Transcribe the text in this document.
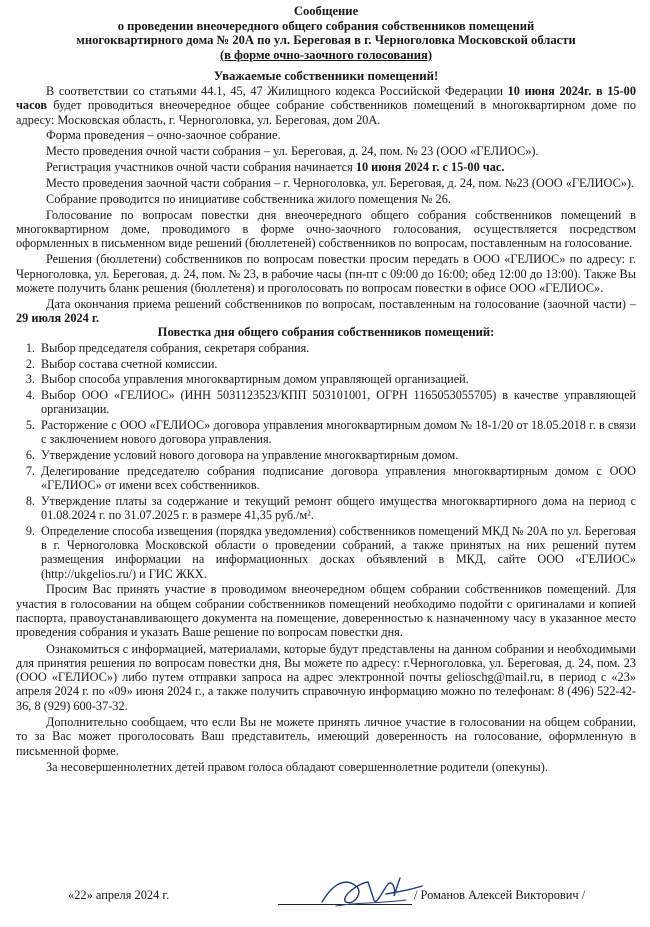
Сообщение
о проведении внеочередного общего собрания собственников помещений
многоквартирного дома № 20А по ул. Береговая в г. Черноголовка Московской области
(в форме очно-заочного голосования)
Уважаемые собственники помещений!

В соответствии со статьями 44.1, 45, 47 Жилищного кодекса Российской Федерации 10 июня 2024г. в 15-00 часов будет проводиться внеочередное общее собрание собственников помещений в многоквартирном доме по адресу: Московская область, г. Черноголовка, ул. Береговая, дом 20А.

Форма проведения – очно-заочное собрание.

Место проведения очной части собрания – ул. Береговая, д. 24, пом. № 23 (ООО «ГЕЛИОС»).

Регистрация участников очной части собрания начинается 10 июня 2024 г. с 15-00 час.

Место проведения заочной части собрания – г. Черноголовка, ул. Береговая, д. 24, пом. №23 (ООО «ГЕЛИОС»).

Собрание проводится по инициативе собственника жилого помещения № 26.

Голосование по вопросам повестки дня внеочередного общего собрания собственников помещений в многоквартирном доме, проводимого в форме очно-заочного голосования, осуществляется посредством оформленных в письменном виде решений (бюллетеней) собственников по вопросам, поставленным на голосование.

Решения (бюллетени) собственников по вопросам повестки просим передать в ООО «ГЕЛИОС» по адресу: г. Черноголовка, ул. Береговая, д. 24, пом. № 23, в рабочие часы (пн-пт с 09:00 до 16:00; обед 12:00 до 13:00). Также Вы можете получить бланк решения (бюллетеня) и проголосовать по вопросам повестки в офисе ООО «ГЕЛИОС».

Дата окончания приема решений собственников по вопросам, поставленным на голосование (заочной части) – 29 июля 2024 г.

Повестка дня общего собрания собственников помещений:
1. Выбор председателя собрания, секретаря собрания.
2. Выбор состава счетной комиссии.
3. Выбор способа управления многоквартирным домом управляющей организацией.
4. Выбор ООО «ГЕЛИОС» (ИНН 5031123523/КПП 503101001, ОГРН 1165053055705) в качестве управляющей организации.
5. Расторжение с ООО «ГЕЛИОС» договора управления многоквартирным домом № 18-1/20 от 18.05.2018 г. в связи с заключением нового договора управления.
6. Утверждение условий нового договора на управление многоквартирным домом.
7. Делегирование председателю собрания подписание договора управления многоквартирным домом с ООО «ГЕЛИОС» от имени всех собственников.
8. Утверждение платы за содержание и текущий ремонт общего имущества многоквартирного дома на период с 01.08.2024 г. по 31.07.2025 г. в размере 41,35 руб./м².
9. Определение способа извещения (порядка уведомления) собственников помещений МКД № 20А по ул. Береговая в г. Черноголовка Московской области о проведении собраний, а также принятых на них решений путем размещения информации на информационных досках объявлений в МКД, сайте ООО «ГЕЛИОС» (http://ukgelios.ru/) и ГИС ЖКХ.

Просим Вас принять участие в проводимом внеочередном общем собрании собственников помещений. Для участия в голосовании на общем собрании собственников помещений необходимо подойти с оригиналами и копией паспорта, правоустанавливающего документа на помещение, доверенностью к назначенному часу в указанное место проведения собрания и указать Ваше решение по вопросам повестки дня.

Ознакомиться с информацией, материалами, которые будут представлены на данном собрании и необходимыми для принятия решения по вопросам повестки дня, Вы можете по адресу: г.Черноголовка, ул. Береговая, д. 24, пом. 23 (ООО «ГЕЛИОС») либо путем отправки запроса на адрес электронной почты gelioschg@mail.ru, в период с «23» апреля 2024 г. по «09» июня 2024 г., а также получить справочную информацию можно по телефонам: 8 (496) 522-42-36, 8 (929) 600-37-32.

Дополнительно сообщаем, что если Вы не можете принять личное участие в голосовании на общем собрании, то за Вас может проголосовать Ваш представитель, имеющий доверенность на голосование, оформленную в письменной форме.

За несовершеннолетних детей правом голоса обладают совершеннолетние родители (опекуны).

«22» апреля 2024 г.	/ Романов Алексей Викторович /
